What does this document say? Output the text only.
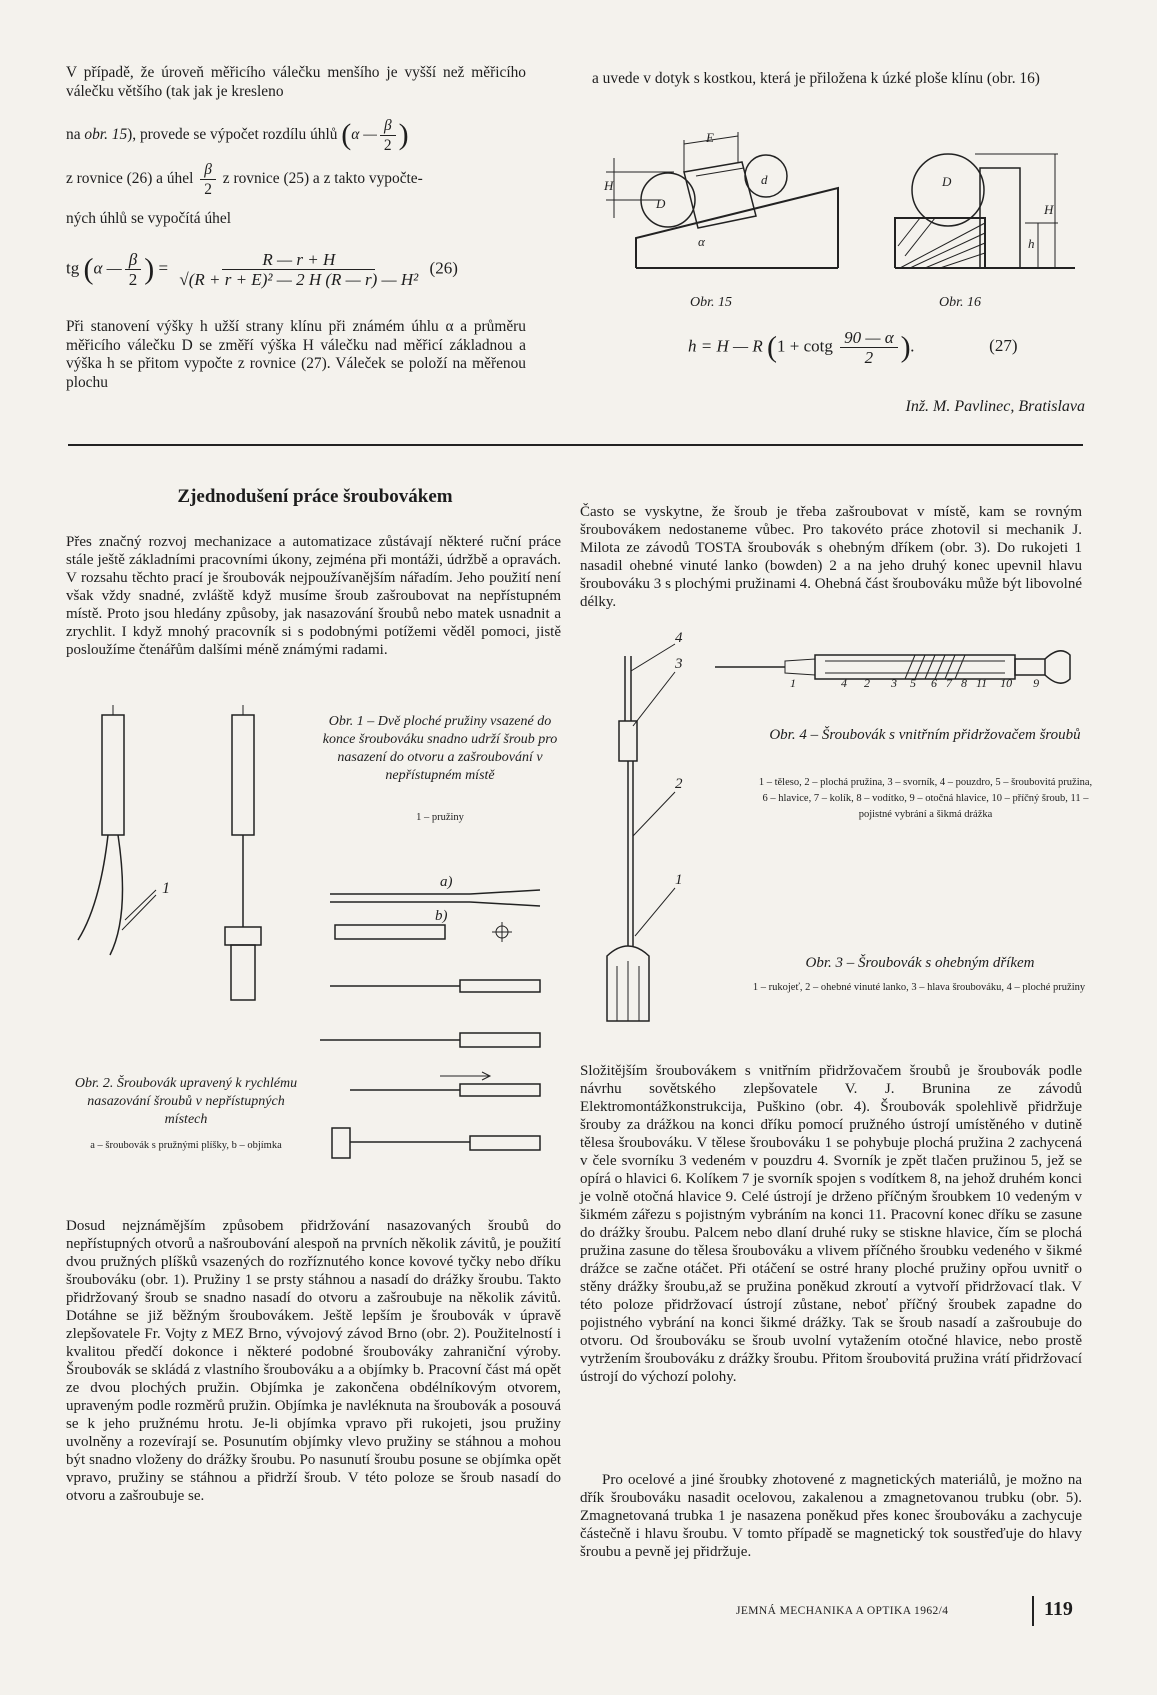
V případě, že úroveň měřicího válečku menšího je vyšší než měřicího válečku většího (tak jak je kresleno

na obr. 15), provede se výpočet rozdílu úhlů (α — $\frac{\beta}{2}$ )
z rovnice (26) a úhel $\frac{\beta}{2}$ z rovnice (25) a z takto vypočte-

ných úhlů se vypočítá úhel

tg (α — $\frac{\beta}{2}$ ) = $\frac{R — r + H}{\text{√(R + r + E)² — 2 H (R — r) — H²}} (26)$

Při stanovení výšky h užší strany klínu při známém úhlu α a průměru měřicího válečku D se změří výška H válečku nad měřicí základnou a výška h se přitom vypočte z rovnice (27). Váleček se položí na měřenou plochu

a uvede v dotyk s kostkou, která je přiložena k úzké ploše klínu (obr. 16)

H
E
D
d
α
Obr. 15
H
h
D
Obr. 16
h = H — R (1 + cotg $\frac{90 — \alpha}{2}$ ).	(27)
Inž. M. Pavlinec, Bratislava
Zjednodušení práce šroubovákem

Přes značný rozvoj mechanizace a automatizace zůstávají některé ruční práce stále ještě základními pracovními úkony, zejména při montáži, údržbě a opravách. V rozsahu těchto prací je šroubovák nejpoužívanějším nářadím. Jeho použití není však vždy snadné, zvláště když musíme šroub zašroubovat na nepřístupném místě. Proto jsou hledány způsoby, jak nasazování šroubů nebo matek usnadnit a zrychlit. I když mnohý pracovník si s podobnými potížemi věděl pomoci, jistě posloužíme čtenářům dalšími méně známými radami.

Často se vyskytne, že šroub je třeba zašroubovat v místě, kam se rovným šroubovákem nedostaneme vůbec. Pro takovéto práce zhotovil si mechanik J. Milota ze závodů TOSTA šroubovák s ohebným dříkem (obr. 3). Do rukojeti 1 nasadil ohebné vinuté lanko (bowden) 2 a na jeho druhý konec upevnil hlavu šroubováku 3 s plochými pružinami 4. Ohebná část šroubováku může být libovolné délky.

1
Obr. 1 – Dvě ploché pružiny vsazené do konce šroubováku snadno udrží šroub pro nasazení do otvoru a zašroubování v nepřístupném místě
1 – pružiny
a)
b)
Obr. 2. Šroubovák upravený k rychlému nasazování šroubů v nepřístupných místech
a – šroubovák s pružnými plíšky, b – objímka
4
3
2
1
Obr. 3 – Šroubovák s ohebným dříkem
1 – rukojeť, 2 – ohebné vinuté lanko, 3 – hlava šroubováku, 4 – ploché pružiny
1	4 2 3 5 6 7 8 11 10 9
Obr. 4 – Šroubovák s vnitřním přidržovačem šroubů
1 – těleso, 2 – plochá pružina, 3 – svorník, 4 – pouzdro, 5 – šroubovitá pružina, 6 – hlavice, 7 – kolík, 8 – vodítko, 9 – otočná hlavice, 10 – příčný šroub, 11 – pojistné vybrání a šikmá drážka

Dosud nejznámějším způsobem přidržování nasazovaných šroubů do nepřístupných otvorů a našroubování alespoň na prvních několik závitů, je použití dvou pružných plíšků vsazených do rozříznutého konce kovové tyčky nebo dříku šroubováku (obr. 1). Pružiny 1 se prsty stáhnou a nasadí do drážky šroubu. Takto přidržovaný šroub se snadno nasadí do otvoru a zašroubuje na několik závitů. Dotáhne se již běžným šroubovákem. Ještě lepším je šroubovák v úpravě zlepšovatele Fr. Vojty z MEZ Brno, vývojový závod Brno (obr. 2). Použitelností i kvalitou předčí dokonce i některé podobné šroubováky zahraniční výroby. Šroubovák se skládá z vlastního šroubováku a a objímky b. Pracovní část má opět ze dvou plochých pružin. Objímka je zakončena obdélníkovým otvorem, upraveným podle rozměrů pružin. Objímka je navléknuta na šroubovák a posouvá se k jeho pružnému hrotu. Je-li objímka vpravo při rukojeti, jsou pružiny uvolněny a rozevírají se. Posunutím objímky vlevo pružiny se stáhnou a mohou být snadno vloženy do drážky šroubu. Po nasunutí šroubu posune se objímka opět vpravo, pružiny se stáhnou a přidrží šroub. V této poloze se šroub nasadí do otvoru a zašroubuje se.

Složitějším šroubovákem s vnitřním přidržovačem šroubů je šroubovák podle návrhu sovětského zlepšovatele V. J. Brunina ze závodů Elektromontážkonstrukcija, Puškino (obr. 4). Šroubovák spolehlivě přidržuje šrouby za drážkou na konci dříku pomocí pružného ústrojí umístěného v dutině tělesa šroubováku. V tělese šroubováku 1 se pohybuje plochá pružina 2 zachycená v čele svorníku 3 vedeném v pouzdru 4. Svorník je zpět tlačen pružinou 5, jež se opírá o hlavici 6. Kolíkem 7 je svorník spojen s vodítkem 8, na jehož druhém konci je volně otočná hlavice 9. Celé ústrojí je drženo příčným šroubkem 10 vedeným v šikmém zářezu s pojistným vybráním na konci 11. Pracovní konec dříku se zasune do drážky šroubu. Palcem nebo dlaní druhé ruky se stiskne hlavice, čím se plochá pružina zasune do tělesa šroubováku a vlivem příčného šroubku vedeného v šikmé drážce se začne otáčet. Při otáčení se ostré hrany ploché pružiny opřou uvnitř o stěny drážky šroubu,až se pružina poněkud zkroutí a vytvoří přidržovací tlak. V této poloze přidržovací ústrojí zůstane, neboť příčný šroubek zapadne do pojistného vybrání na konci šikmé drážky. Tak se šroub nasadí a zašroubuje do otvoru. Od šroubováku se šroub uvolní vytažením otočné hlavice, nebo prostě vytržením šroubováku z drážky šroubu. Přitom šroubovitá pružina vrátí přidržovací ústrojí do výchozí polohy.

Pro ocelové a jiné šroubky zhotovené z magnetických materiálů, je možno na dřík šroubováku nasadit ocelovou, zakalenou a zmagnetovanou trubku (obr. 5). Zmagnetovaná trubka 1 je nasazena poněkud přes konec šroubováku a zachycuje částečně i hlavu šroubu. V tomto případě se magnetický tok soustřeďuje do hlavy šroubu a pevně jej přidržuje.

JEMNÁ MECHANIKA A OPTIKA 1962/4	119
